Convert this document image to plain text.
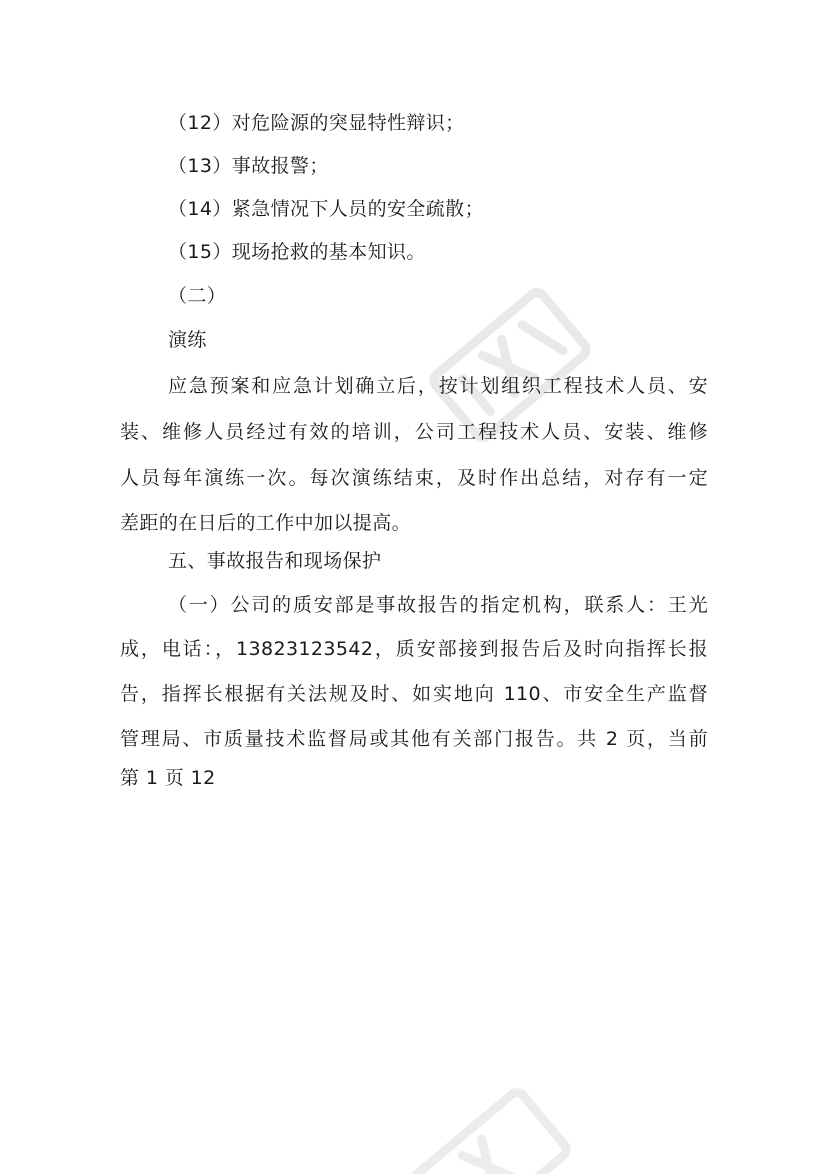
（12）对危险源的突显特性辩识；
（13）事故报警；
（14）紧急情况下人员的安全疏散；
（15）现场抢救的基本知识。
（二）
演练
应急预案和应急计划确立后，按计划组织工程技术人员、安
装、维修人员经过有效的培训，公司工程技术人员、安装、维修
人员每年演练一次。每次演练结束，及时作出总结，对存有一定
差距的在日后的工作中加以提高。
五、事故报告和现场保护
（一）公司的质安部是事故报告的指定机构，联系人：王光
成，电话：，13823123542，质安部接到报告后及时向指挥长报
告，指挥长根据有关法规及时、如实地向 110、市安全生产监督
管理局、市质量技术监督局或其他有关部门报告。共 2 页，当前
第 1 页 12
